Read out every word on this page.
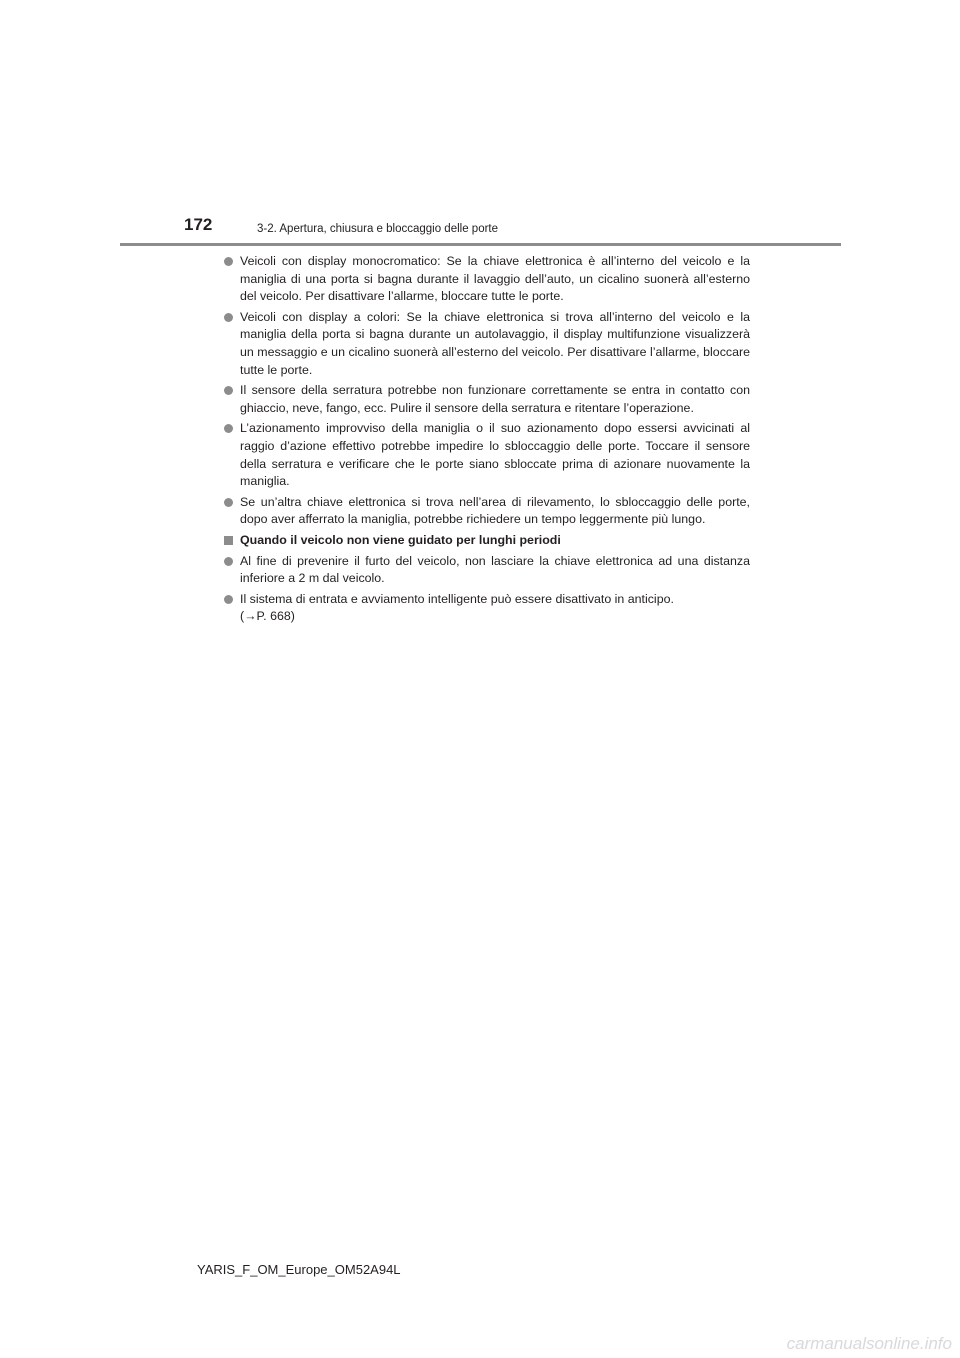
172	3-2. Apertura, chiusura e bloccaggio delle porte
Veicoli con display monocromatico: Se la chiave elettronica è all’interno del veicolo e la maniglia di una porta si bagna durante il lavaggio dell’auto, un cicalino suonerà all’esterno del veicolo. Per disattivare l’allarme, bloccare tutte le porte.
Veicoli con display a colori: Se la chiave elettronica si trova all’interno del veicolo e la maniglia della porta si bagna durante un autolavaggio, il display multifunzione visualizzerà un messaggio e un cicalino suonerà all’esterno del veicolo. Per disattivare l’allarme, bloccare tutte le porte.
Il sensore della serratura potrebbe non funzionare correttamente se entra in contatto con ghiaccio, neve, fango, ecc. Pulire il sensore della serratura e ritentare l’operazione.
L’azionamento improvviso della maniglia o il suo azionamento dopo essersi avvicinati al raggio d’azione effettivo potrebbe impedire lo sbloccaggio delle porte. Toccare il sensore della serratura e verificare che le porte siano sbloccate prima di azionare nuovamente la maniglia.
Se un’altra chiave elettronica si trova nell’area di rilevamento, lo sbloccaggio delle porte, dopo aver afferrato la maniglia, potrebbe richiedere un tempo leggermente più lungo.
Quando il veicolo non viene guidato per lunghi periodi
Al fine di prevenire il furto del veicolo, non lasciare la chiave elettronica ad una distanza inferiore a 2 m dal veicolo.
Il sistema di entrata e avviamento intelligente può essere disattivato in anticipo.
(→P. 668)
YARIS_F_OM_Europe_OM52A94L
carmanualsonline.info
